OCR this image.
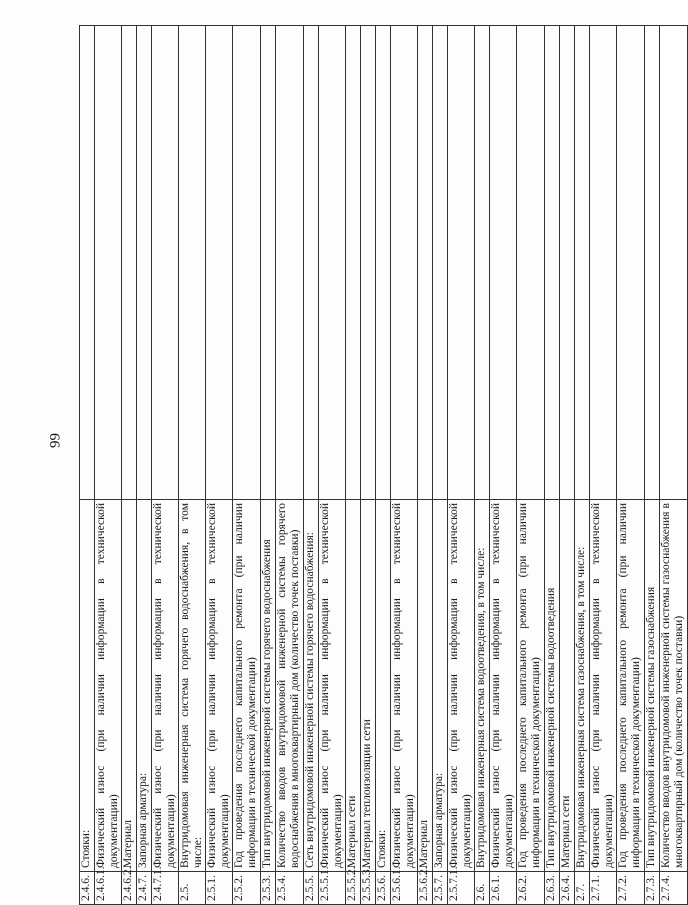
99
2.4.6.	Стояки:	
2.4.6.1.	Физический износ (при наличии информации в технической документации)	
2.4.6.2.	Материал	
2.4.7.	Запорная арматура:	
2.4.7.1.	Физический износ (при наличии информации в технической документации)	
2.5.	Внутридомовая инженерная система горячего водоснабжения, в том числе:	
2.5.1.	Физический износ (при наличии информации в технической документации)	
2.5.2.	Год проведения последнего капитального ремонта (при наличии информации в технической документации)	
2.5.3.	Тип внутридомовой инженерной системы горячего водоснабжения	
2.5.4.	Количество вводов внутридомовой инженерной системы горячего водоснабжения в многоквартирный дом (количество точек поставки)	
2.5.5.	Сеть внутридомовой инженерной системы горячего водоснабжения:	
2.5.5.1.	Физический износ (при наличии информации в технической документации)	
2.5.5.2.	Материал сети	
2.5.5.3.	Материал теплоизоляции сети	
2.5.6.	Стояки:	
2.5.6.1.	Физический износ (при наличии информации в технической документации)	
2.5.6.2.	Материал	
2.5.7.	Запорная арматура:	
2.5.7.1.	Физический износ (при наличии информации в технической документации)	
2.6.	Внутридомовая инженерная система водоотведения, в том числе:	
2.6.1.	Физический износ (при наличии информации в технической документации)	
2.6.2.	Год проведения последнего капитального ремонта (при наличии информации в технической документации)	
2.6.3.	Тип внутридомовой инженерной системы водоотведения	
2.6.4.	Материал сети	
2.7.	Внутридомовая инженерная система газоснабжения, в том числе:	
2.7.1.	Физический износ (при наличии информации в технической документации)	
2.7.2.	Год проведения последнего капитального ремонта (при наличии информации в технической документации)	
2.7.3.	Тип внутридомовой инженерной системы газоснабжения	
2.7.4.	Количество вводов внутридомовой инженерной системы газоснабжения в многоквартирный дом (количество точек поставки)	
